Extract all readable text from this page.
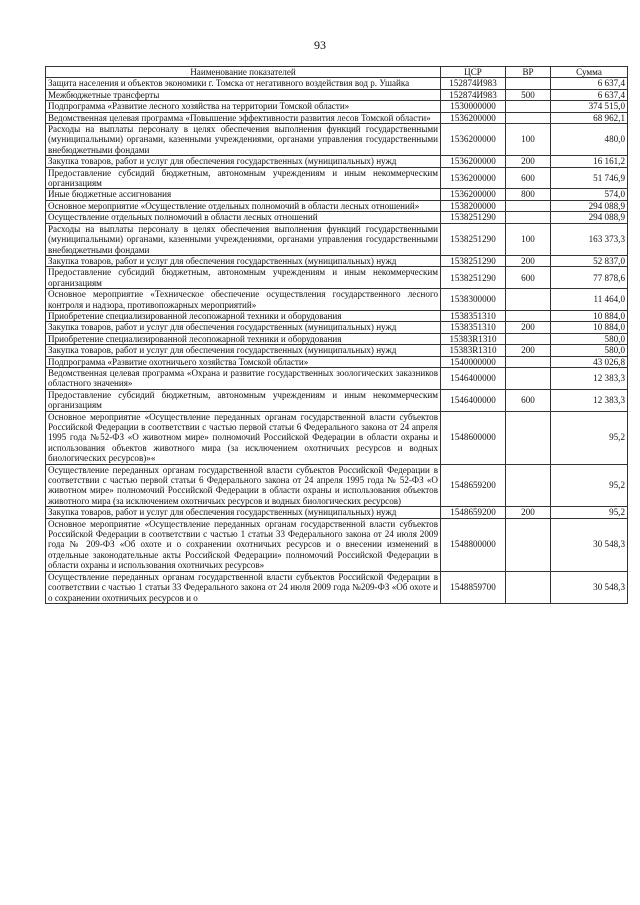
93
Наименование показателей	ЦСР	ВР	Сумма
Защита населения и объектов экономики г. Томска от негативного воздействия вод р. Ушайка	152874И983		6 637,4
Межбюджетные трансферты	152874И983	500	6 637,4
Подпрограмма «Развитие лесного хозяйства на территории Томской области»	1530000000		374 515,0
Ведомственная целевая программа «Повышение эффективности развития лесов Томской области»	1536200000		68 962,1
Расходы на выплаты персоналу в целях обеспечения выполнения функций государственными (муниципальными) органами, казенными учреждениями, органами управления государственными внебюджетными фондами	1536200000	100	480,0
Закупка товаров, работ и услуг для обеспечения государственных (муниципальных) нужд	1536200000	200	16 161,2
Предоставление субсидий бюджетным, автономным учреждениям и иным некоммерческим организациям	1536200000	600	51 746,9
Иные бюджетные ассигнования	1536200000	800	574,0
Основное мероприятие «Осуществление отдельных полномочий в области лесных отношений»	1538200000		294 088,9
Осуществление отдельных полномочий в области лесных отношений	1538251290		294 088,9
Расходы на выплаты персоналу в целях обеспечения выполнения функций государственными (муниципальными) органами, казенными учреждениями, органами управления государственными внебюджетными фондами	1538251290	100	163 373,3
Закупка товаров, работ и услуг для обеспечения государственных (муниципальных) нужд	1538251290	200	52 837,0
Предоставление субсидий бюджетным, автономным учреждениям и иным некоммерческим организациям	1538251290	600	77 878,6
Основное мероприятие «Техническое обеспечение осуществления государственного лесного контроля и надзора, противопожарных мероприятий»	1538300000		11 464,0
Приобретение специализированной лесопожарной техники и оборудования	1538351310		10 884,0
Закупка товаров, работ и услуг для обеспечения государственных (муниципальных) нужд	1538351310	200	10 884,0
Приобретение специализированной лесопожарной техники и оборудования	15383R1310		580,0
Закупка товаров, работ и услуг для обеспечения государственных (муниципальных) нужд	15383R1310	200	580,0
Подпрограмма «Развитие охотничьего хозяйства Томской области»	1540000000		43 026,8
Ведомственная целевая программа «Охрана и развитие государственных зоологических заказников областного значения»	1546400000		12 383,3
Предоставление субсидий бюджетным, автономным учреждениям и иным некоммерческим организациям	1546400000	600	12 383,3
Основное мероприятие «Осуществление переданных органам государственной власти субъектов Российской Федерации в соответствии с частью первой статьи 6 Федерального закона от 24 апреля 1995 года №52-ФЗ «О животном мире» полномочий Российской Федерации в области охраны и использования объектов животного мира (за исключением охотничьих ресурсов и водных биологических ресурсов)»«	1548600000		95,2
Осуществление переданных органам государственной власти субъектов Российской Федерации в соответствии с частью первой статьи 6 Федерального закона от 24 апреля 1995 года № 52-ФЗ «О животном мире» полномочий Российской Федерации в области охраны и использования объектов животного мира (за исключением охотничьих ресурсов и водных биологических ресурсов)	1548659200		95,2
Закупка товаров, работ и услуг для обеспечения государственных (муниципальных) нужд	1548659200	200	95,2
Основное мероприятие «Осуществление переданных органам государственной власти субъектов Российской Федерации в соответствии с частью 1 статьи 33 Федерального закона от 24 июля 2009 года № 209-ФЗ «Об охоте и о сохранении охотничьих ресурсов и о внесении изменений в отдельные законодательные акты Российской Федерации» полномочий Российской Федерации в области охраны и использования охотничьих ресурсов»	1548800000		30 548,3
Осуществление переданных органам государственной власти субъектов Российской Федерации в соответствии с частью 1 статьи 33 Федерального закона от 24 июля 2009 года №209-ФЗ «Об охоте и о сохранении охотничьих ресурсов и о	1548859700		30 548,3
